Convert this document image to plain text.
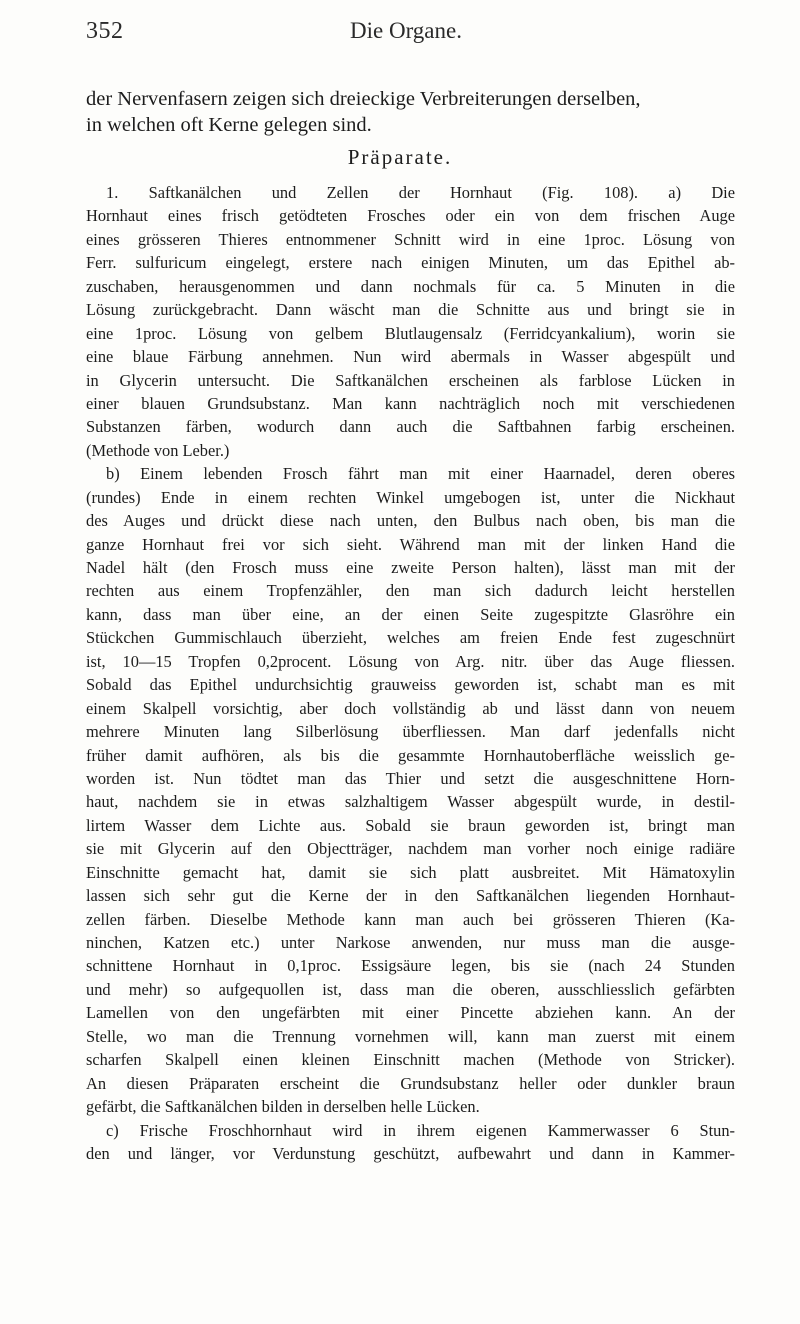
352	Die Organe.
der Nervenfasern zeigen sich dreieckige Verbreiterungen derselben,
in welchen oft Kerne gelegen sind.
Präparate.
1. Saftkanälchen und Zellen der Hornhaut (Fig. 108). a) Die
Hornhaut eines frisch getödteten Frosches oder ein von dem frischen Auge
eines grösseren Thieres entnommener Schnitt wird in eine 1proc. Lösung von
Ferr. sulfuricum eingelegt, erstere nach einigen Minuten, um das Epithel ab-
zuschaben, herausgenommen und dann nochmals für ca. 5 Minuten in die
Lösung zurückgebracht. Dann wäscht man die Schnitte aus und bringt sie in
eine 1proc. Lösung von gelbem Blutlaugensalz (Ferridcyankalium), worin sie
eine blaue Färbung annehmen. Nun wird abermals in Wasser abgespült und
in Glycerin untersucht. Die Saftkanälchen erscheinen als farblose Lücken in
einer blauen Grundsubstanz. Man kann nachträglich noch mit verschiedenen
Substanzen färben, wodurch dann auch die Saftbahnen farbig erscheinen.
(Methode von Leber.)
b) Einem lebenden Frosch fährt man mit einer Haarnadel, deren oberes
(rundes) Ende in einem rechten Winkel umgebogen ist, unter die Nickhaut
des Auges und drückt diese nach unten, den Bulbus nach oben, bis man die
ganze Hornhaut frei vor sich sieht. Während man mit der linken Hand die
Nadel hält (den Frosch muss eine zweite Person halten), lässt man mit der
rechten aus einem Tropfenzähler, den man sich dadurch leicht herstellen
kann, dass man über eine, an der einen Seite zugespitzte Glasröhre ein
Stückchen Gummischlauch überzieht, welches am freien Ende fest zugeschnürt
ist, 10—15 Tropfen 0,2procent. Lösung von Arg. nitr. über das Auge fliessen.
Sobald das Epithel undurchsichtig grauweiss geworden ist, schabt man es mit
einem Skalpell vorsichtig, aber doch vollständig ab und lässt dann von neuem
mehrere Minuten lang Silberlösung überfliessen. Man darf jedenfalls nicht
früher damit aufhören, als bis die gesammte Hornhautoberfläche weisslich ge-
worden ist. Nun tödtet man das Thier und setzt die ausgeschnittene Horn-
haut, nachdem sie in etwas salzhaltigem Wasser abgespült wurde, in destil-
lirtem Wasser dem Lichte aus. Sobald sie braun geworden ist, bringt man
sie mit Glycerin auf den Objectträger, nachdem man vorher noch einige radiäre
Einschnitte gemacht hat, damit sie sich platt ausbreitet. Mit Hämatoxylin
lassen sich sehr gut die Kerne der in den Saftkanälchen liegenden Hornhaut-
zellen färben. Dieselbe Methode kann man auch bei grösseren Thieren (Ka-
ninchen, Katzen etc.) unter Narkose anwenden, nur muss man die ausge-
schnittene Hornhaut in 0,1proc. Essigsäure legen, bis sie (nach 24 Stunden
und mehr) so aufgequollen ist, dass man die oberen, ausschliesslich gefärbten
Lamellen von den ungefärbten mit einer Pincette abziehen kann. An der
Stelle, wo man die Trennung vornehmen will, kann man zuerst mit einem
scharfen Skalpell einen kleinen Einschnitt machen (Methode von Stricker).
An diesen Präparaten erscheint die Grundsubstanz heller oder dunkler braun
gefärbt, die Saftkanälchen bilden in derselben helle Lücken.
c) Frische Froschhornhaut wird in ihrem eigenen Kammerwasser 6 Stun-
den und länger, vor Verdunstung geschützt, aufbewahrt und dann in Kammer-
